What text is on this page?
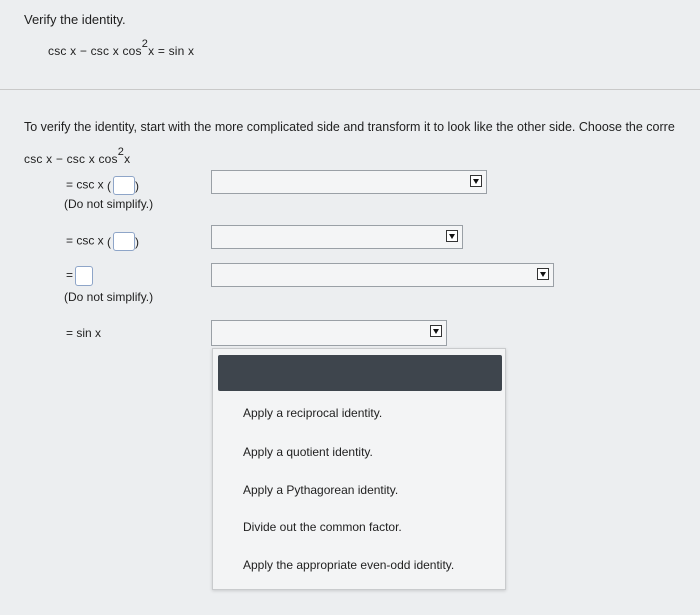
Verify the identity.
csc x − csc x cos2x = sin x
To verify the identity, start with the more complicated side and transform it to look like the other side. Choose the corre
csc x − csc x cos2x
= csc x ( )
(Do not simplify.)
= csc x ( )
=
(Do not simplify.)
= sin x
Apply a reciprocal identity.
Apply a quotient identity.
Apply a Pythagorean identity.
Divide out the common factor.
Apply the appropriate even-odd identity.
